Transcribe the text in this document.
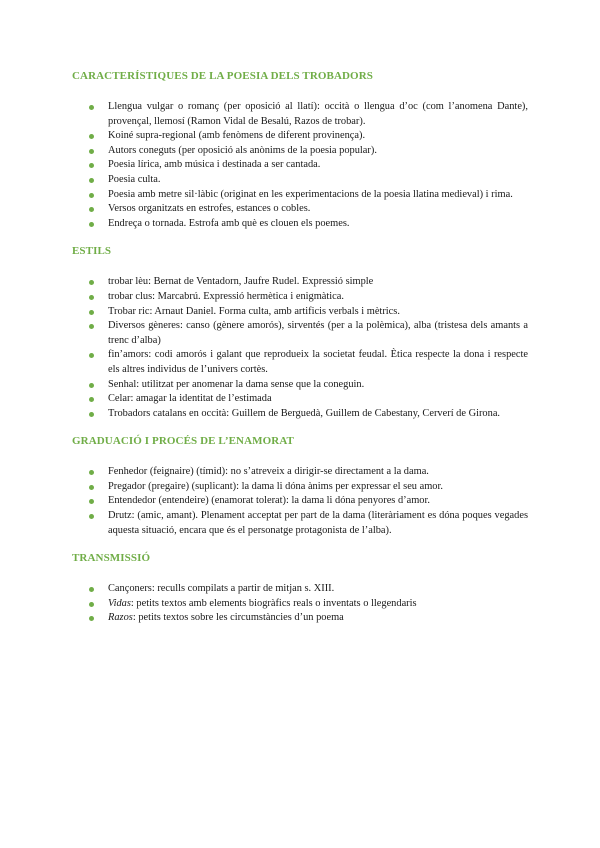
CARACTERÍSTIQUES DE LA POESIA DELS TROBADORS
Llengua vulgar o romanç (per oposició al llatí): occità o llengua d’oc (com l’anomena Dante), provençal, llemosí (Ramon Vidal de Besalú, Razos de trobar).
Koiné supra-regional (amb fenòmens de diferent provinença).
Autors coneguts (per oposició als anònims de la poesia popular).
Poesia lírica, amb música i destinada a ser cantada.
Poesia culta.
Poesia amb metre sil·làbic (originat en les experimentacions de la poesia llatina medieval) i rima.
Versos organitzats en estrofes, estances o cobles.
Endreça o tornada. Estrofa amb què es clouen els poemes.
ESTILS
trobar lèu: Bernat de Ventadorn, Jaufre Rudel. Expressió simple
trobar clus: Marcabrú. Expressió hermètica i enigmàtica.
Trobar ric: Arnaut Daniel. Forma culta, amb artificis verbals i mètrics.
Diversos gèneres: canso (gènere amorós), sirventés (per a la polèmica), alba (tristesa dels amants a trenc d’alba)
fin’amors: codi amorós i galant que reprodueix la societat feudal. Ètica respecte la dona i respecte els altres individus de l’univers cortès.
Senhal: utilitzat per anomenar la dama sense que la coneguin.
Celar: amagar la identitat de l’estimada
Trobadors catalans en occità: Guillem de Berguedà, Guillem de Cabestany, Cerverí de Girona.
GRADUACIÓ I PROCÉS DE L’ENAMORAT
Fenhedor (feignaire) (tímid): no s’atreveix a dirigir-se directament a la dama.
Pregador (pregaire) (suplicant): la dama li dóna ànims per expressar el seu amor.
Entendedor (entendeire) (enamorat tolerat): la dama li dóna penyores d’amor.
Drutz: (amic, amant). Plenament acceptat per part de la dama (literàriament es dóna poques vegades aquesta situació, encara que és el personatge protagonista de l’alba).
TRANSMISSIÓ
Cançoners: reculls compilats a partir de mitjan s. XIII.
Vidas: petits textos amb elements biogràfics reals o inventats o llegendaris
Razos: petits textos sobre les circumstàncies d’un poema
